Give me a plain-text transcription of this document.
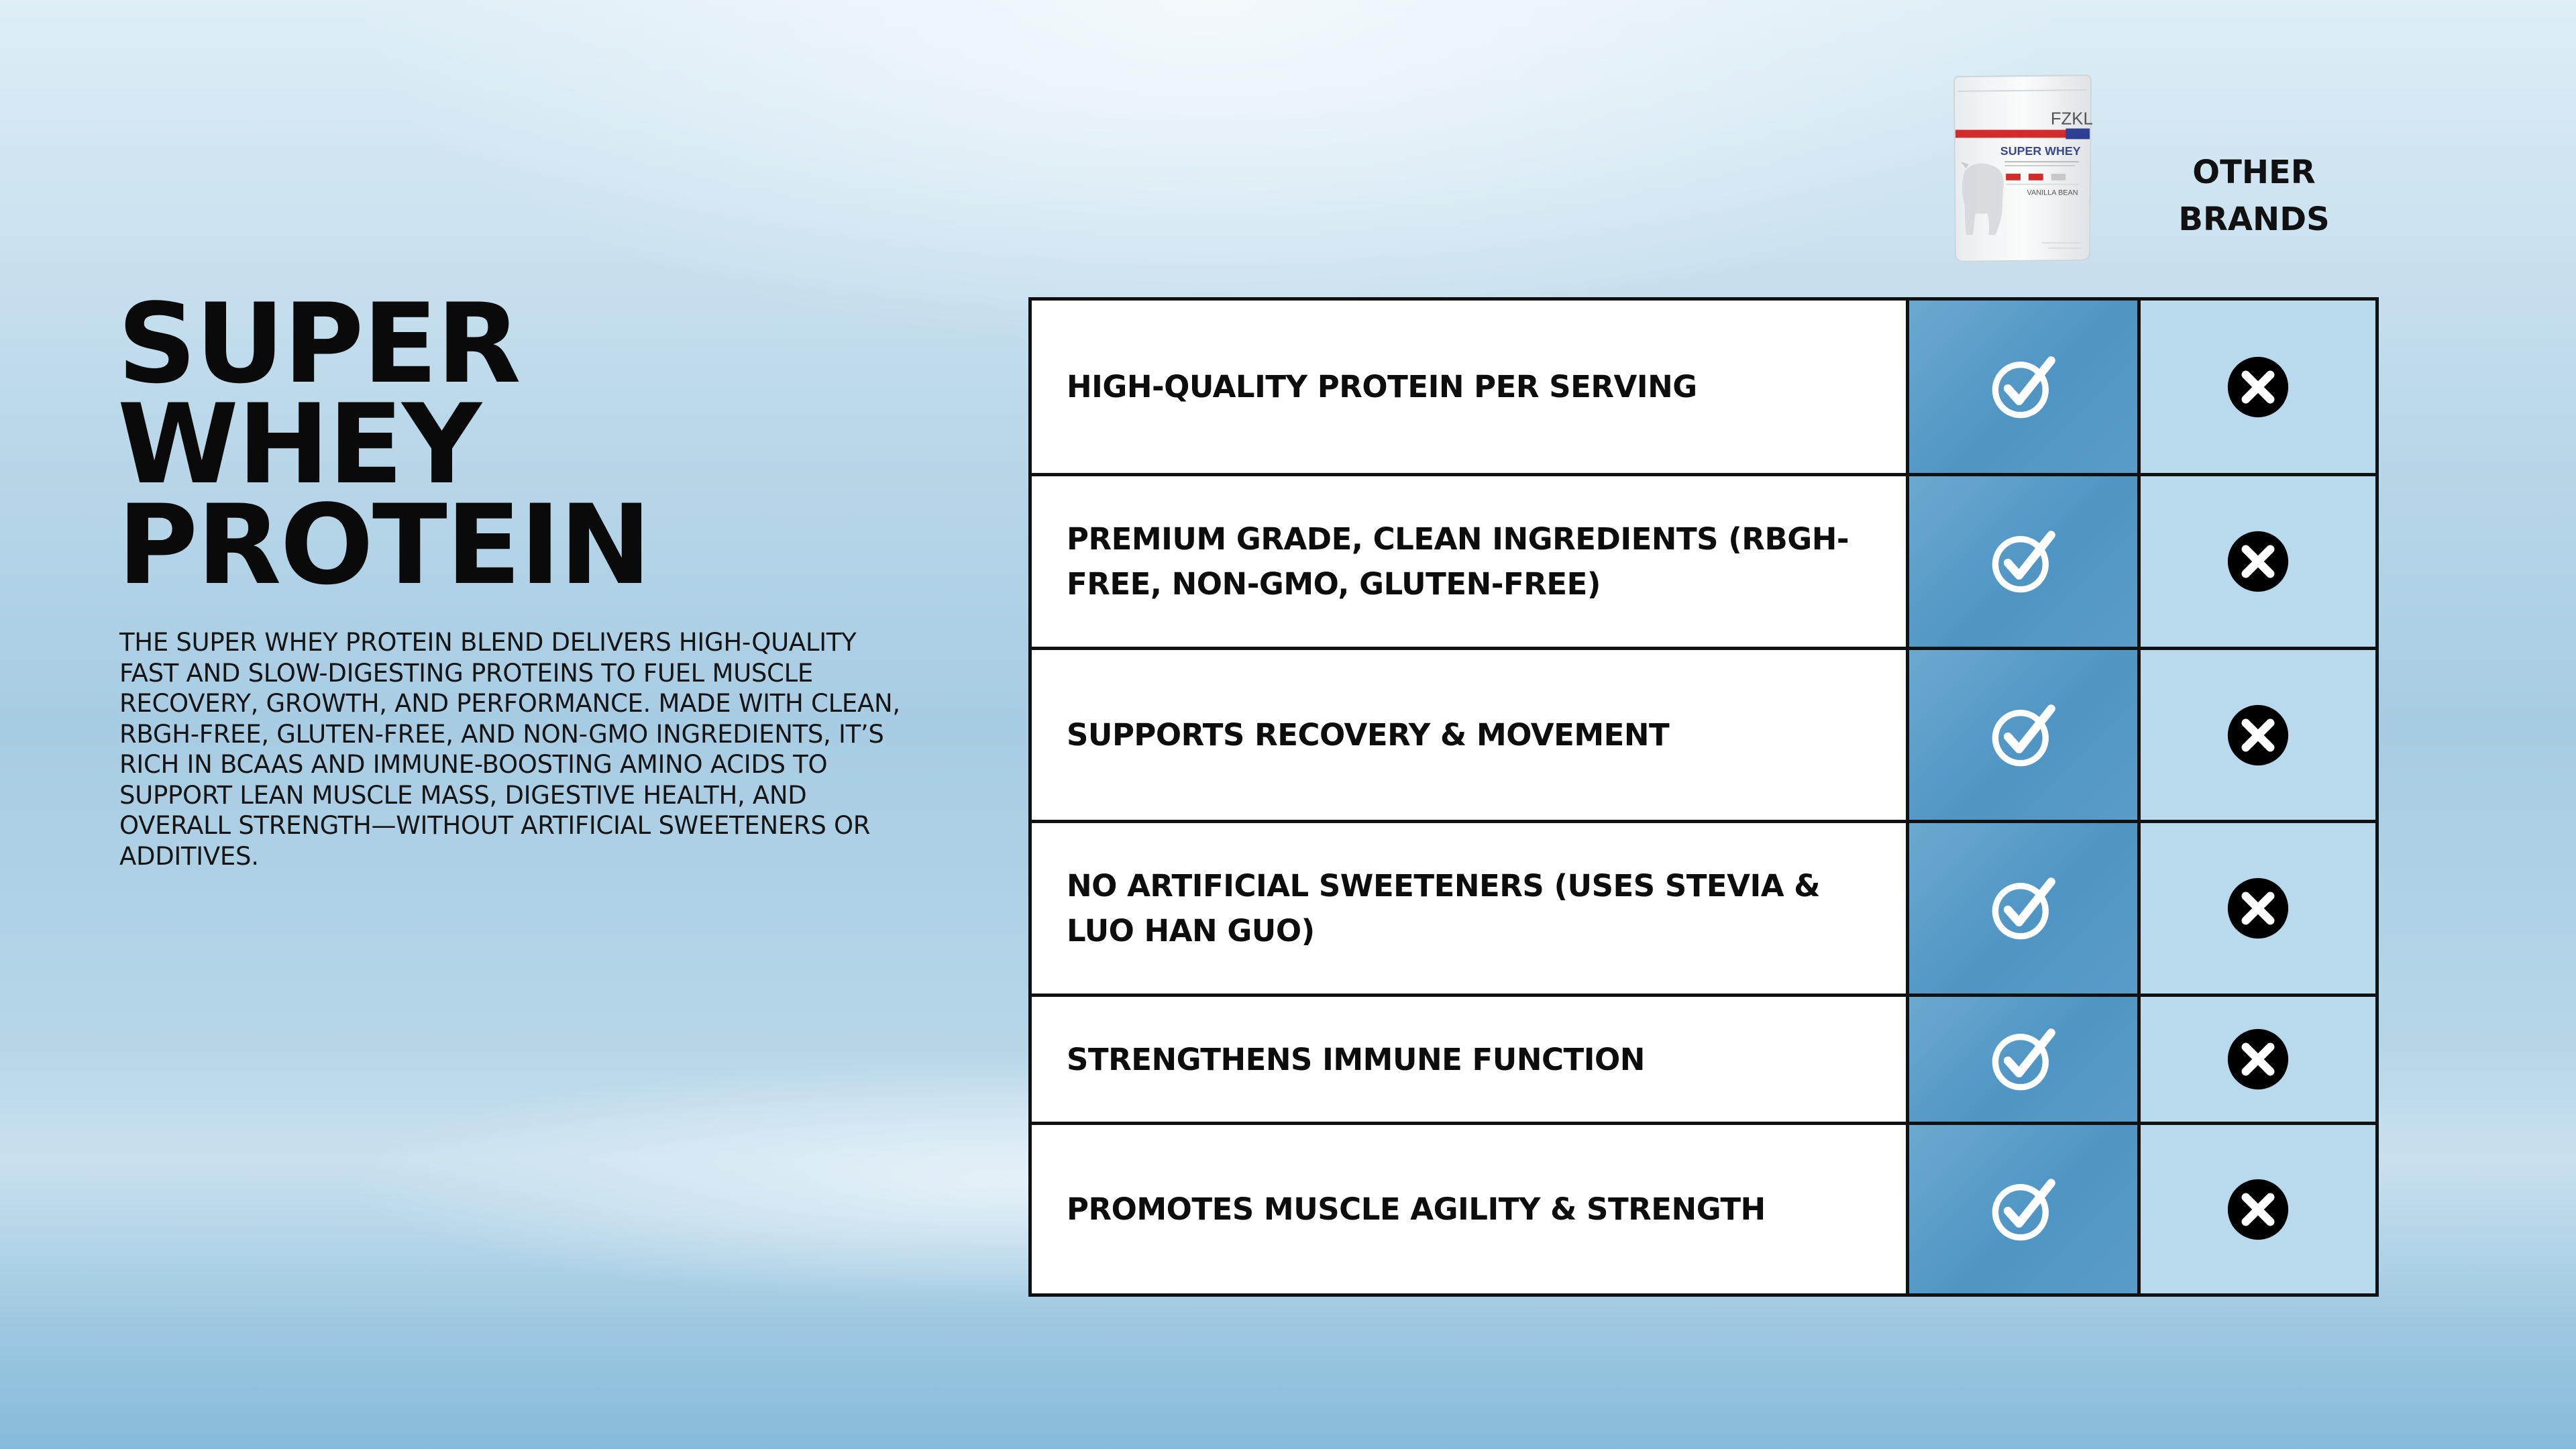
SUPER
WHEY
PROTEIN

THE SUPER WHEY PROTEIN BLEND DELIVERS HIGH-QUALITY FAST AND SLOW-DIGESTING PROTEINS TO FUEL MUSCLE RECOVERY, GROWTH, AND PERFORMANCE. MADE WITH CLEAN, RBGH-FREE, GLUTEN-FREE, AND NON-GMO INGREDIENTS, IT’S RICH IN BCAAS AND IMMUNE-BOOSTING AMINO ACIDS TO SUPPORT LEAN MUSCLE MASS, DIGESTIVE HEALTH, AND OVERALL STRENGTH—WITHOUT ARTIFICIAL SWEETENERS OR ADDITIVES.

FZKL
SUPER WHEY
VANILLA BEAN
OTHER
BRANDS
HIGH-QUALITY PROTEIN PER SERVING
PREMIUM GRADE, CLEAN INGREDIENTS (RBGH-FREE, NON-GMO, GLUTEN-FREE)
SUPPORTS RECOVERY & MOVEMENT
NO ARTIFICIAL SWEETENERS (USES STEVIA & LUO HAN GUO)
STRENGTHENS IMMUNE FUNCTION
PROMOTES MUSCLE AGILITY & STRENGTH
